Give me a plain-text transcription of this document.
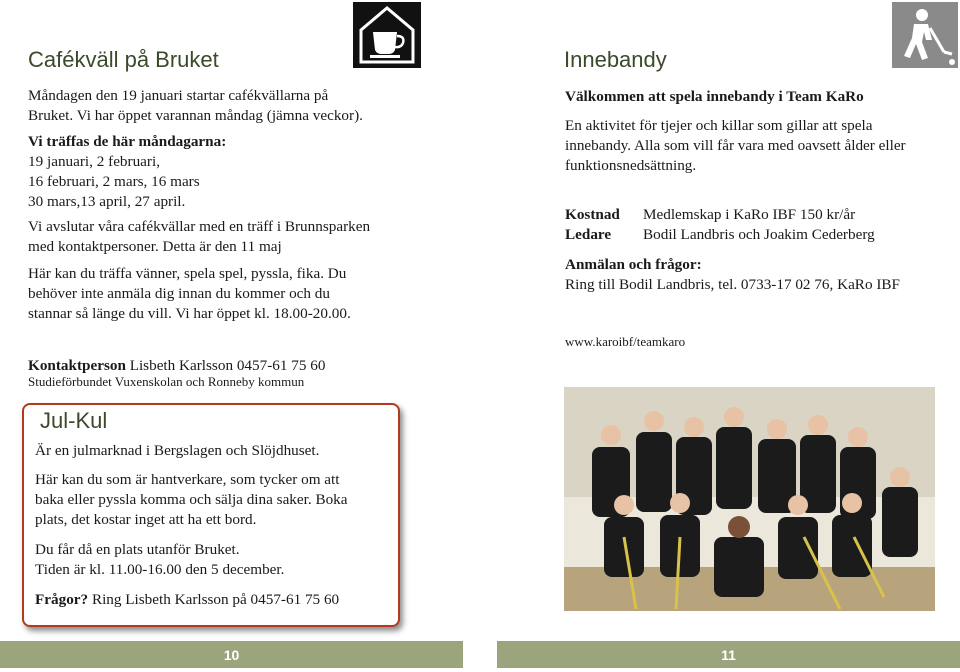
Cafékväll på Bruket
Måndagen den 19 januari startar cafékvällarna på
Bruket. Vi har öppet varannan måndag (jämna veckor).
Vi träffas de här måndagarna:
19 januari, 2 februari,
16 februari, 2 mars, 16 mars
30 mars,13 april, 27 april.
Vi avslutar våra cafékvällar med en träff i Brunnsparken
med kontaktpersoner. Detta är den 11 maj
Här kan du träffa vänner, spela spel, pyssla, fika. Du
behöver inte anmäla dig innan du kommer och du
stannar så länge du vill. Vi har öppet kl. 18.00-20.00.
Kontaktperson Lisbeth Karlsson 0457-61 75 60
Studieförbundet Vuxenskolan och Ronneby kommun
Jul-Kul
Är en julmarknad i Bergslagen och Slöjdhuset.
Här kan du som är hantverkare, som tycker om att
baka eller pyssla komma och sälja dina saker. Boka
plats, det kostar inget att ha ett bord.
Du får då en plats utanför Bruket.
Tiden är kl. 11.00-16.00 den 5 december.
Frågor? Ring Lisbeth Karlsson på 0457-61 75 60
10
Innebandy
Välkommen att spela innebandy i Team KaRo
En aktivitet för tjejer och killar som gillar att spela
innebandy. Alla som vill får vara med oavsett ålder eller
funktionsnedsättning.
Kostnad Medlemskap i KaRo IBF 150 kr/år
Ledare Bodil Landbris och Joakim Cederberg
Anmälan och frågor:
Ring till Bodil Landbris, tel. 0733-17 02 76, KaRo IBF
www.karoibf/teamkaro
11
